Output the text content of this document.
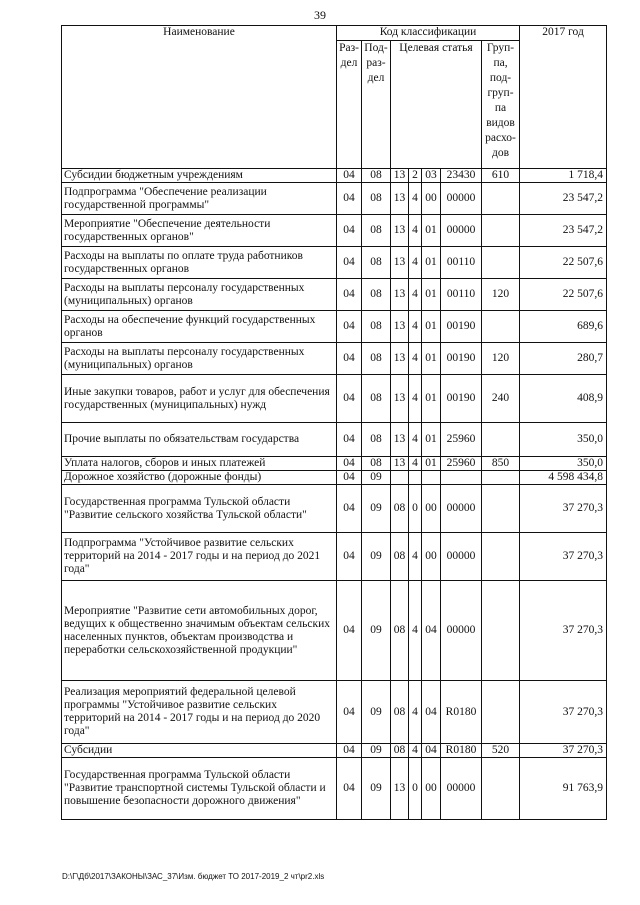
39
Наименование	Код классификации							2017 год
	Раз-дел	Под-раз-дел	Целевая статья				Груп-па, под-груп-па видов расхо-дов	
Субсидии бюджетным учреждениям	04	08	13	2	03	23430	610	1 718,4
Подпрограмма "Обеспечение реализации государственной программы"	04	08	13	4	00	00000		23 547,2
Мероприятие "Обеспечение деятельности государственных органов"	04	08	13	4	01	00000		23 547,2
Расходы на выплаты по оплате труда работников государственных органов	04	08	13	4	01	00110		22 507,6
Расходы на выплаты персоналу государственных (муниципальных) органов	04	08	13	4	01	00110	120	22 507,6
Расходы на обеспечение функций государственных органов	04	08	13	4	01	00190		689,6
Расходы на выплаты персоналу государственных (муниципальных) органов	04	08	13	4	01	00190	120	280,7
Иные закупки товаров, работ и услуг для обеспечения государственных (муниципальных) нужд	04	08	13	4	01	00190	240	408,9
Прочие выплаты по обязательствам государства	04	08	13	4	01	25960		350,0
Уплата налогов, сборов и иных платежей	04	08	13	4	01	25960	850	350,0
Дорожное хозяйство (дорожные фонды)	04	09						4 598 434,8
Государственная программа Тульской области "Развитие сельского хозяйства Тульской области"	04	09	08	0	00	00000		37 270,3
Подпрограмма "Устойчивое развитие сельских территорий на 2014 - 2017 годы и на период до 2021 года"	04	09	08	4	00	00000		37 270,3
Мероприятие "Развитие сети автомобильных дорог, ведущих к общественно значимым объектам сельских населенных пунктов, объектам производства и переработки сельскохозяйственной продукции"	04	09	08	4	04	00000		37 270,3
Реализация мероприятий федеральной целевой программы "Устойчивое развитие сельских территорий на 2014 - 2017 годы и на период до 2020 года"	04	09	08	4	04	R0180		37 270,3
Субсидии	04	09	08	4	04	R0180	520	37 270,3
Государственная программа Тульской области "Развитие транспортной системы Тульской области и повышение безопасности дорожного движения"	04	09	13	0	00	00000		91 763,9
D:\Г\Дб\2017\ЗАКОНЫ\ЗАС_37\Изм. бюджет ТО 2017-2019_2 чт\pr2.xls
